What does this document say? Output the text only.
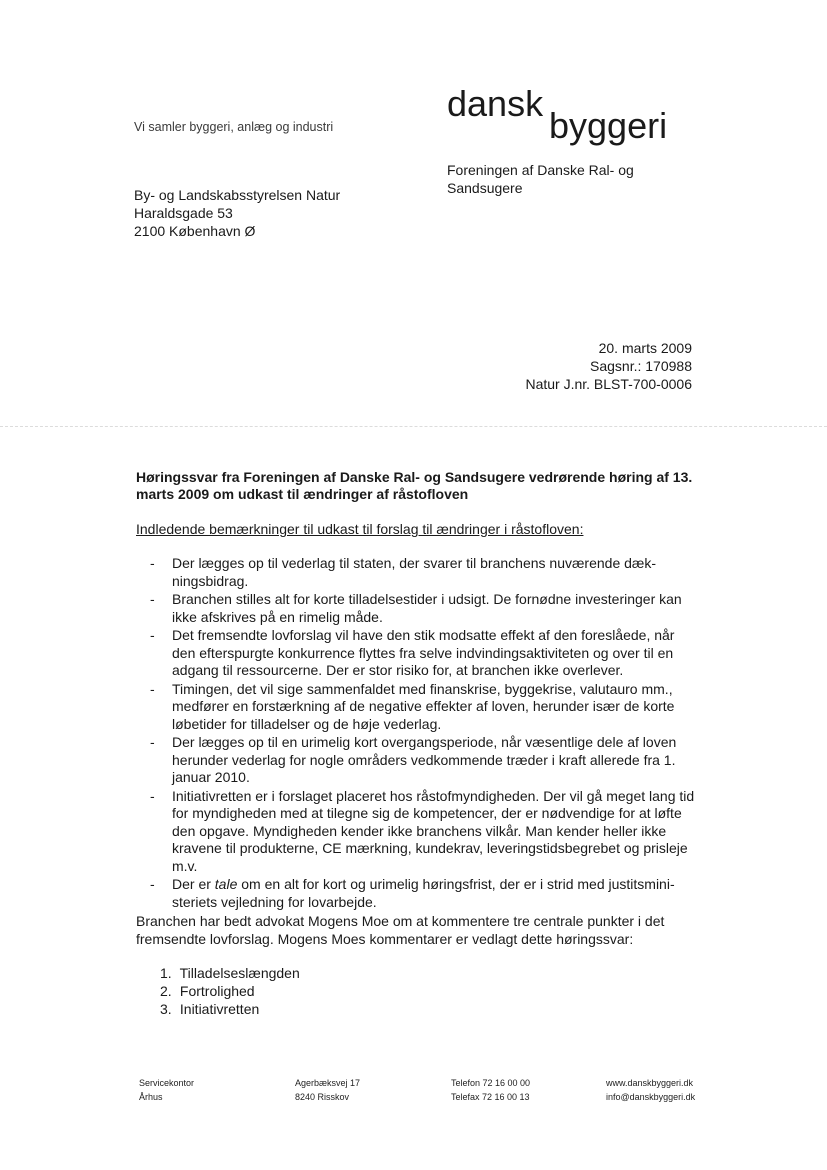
Vi samler byggeri, anlæg og industri
dansk
byggeri
Foreningen af Danske Ral- og
Sandsugere
By- og Landskabsstyrelsen Natur
Haraldsgade 53
2100 København Ø
20. marts 2009
Sagsnr.: 170988
Natur J.nr. BLST-700-0006
Høringssvar fra Foreningen af Danske Ral- og Sandsugere vedrørende høring af 13. marts 2009 om udkast til ændringer af råstofloven
Indledende bemærkninger til udkast til forslag til ændringer i råstofloven:
- Der lægges op til vederlag til staten, der svarer til branchens nuværende dæk-ningsbidrag.
- Branchen stilles alt for korte tilladelsestider i udsigt. De fornødne investeringer kan ikke afskrives på en rimelig måde.
- Det fremsendte lovforslag vil have den stik modsatte effekt af den foreslåede, når den efterspurgte konkurrence flyttes fra selve indvindingsaktiviteten og over til en adgang til ressourcerne. Der er stor risiko for, at branchen ikke overlever.
- Timingen, det vil sige sammenfaldet med finanskrise, byggekrise, valutauro mm., medfører en forstærkning af de negative effekter af loven, herunder især de korte løbetider for tilladelser og de høje vederlag.
- Der lægges op til en urimelig kort overgangsperiode, når væsentlige dele af loven herunder vederlag for nogle områders vedkommende træder i kraft allerede fra 1. januar 2010.
- Initiativretten er i forslaget placeret hos råstofmyndigheden. Der vil gå meget lang tid for myndigheden med at tilegne sig de kompetencer, der er nødvendige for at løfte den opgave. Myndigheden kender ikke branchens vilkår. Man kender heller ikke kravene til produkterne, CE mærkning, kundekrav, leveringstidsbegrebet og prisleje m.v.
- Der er tale om en alt for kort og urimelig høringsfrist, der er i strid med justitsmini-steriets vejledning for lovarbejde.
Branchen har bedt advokat Mogens Moe om at kommentere tre centrale punkter i det fremsendte lovforslag. Mogens Moes kommentarer er vedlagt dette høringssvar:
1. Tilladelseslængden
2. Fortrolighed
3. Initiativretten
Servicekontor
Århus
Agerbæksvej 17
8240 Risskov
Telefon 72 16 00 00
Telefax 72 16 00 13
www.danskbyggeri.dk
info@danskbyggeri.dk
